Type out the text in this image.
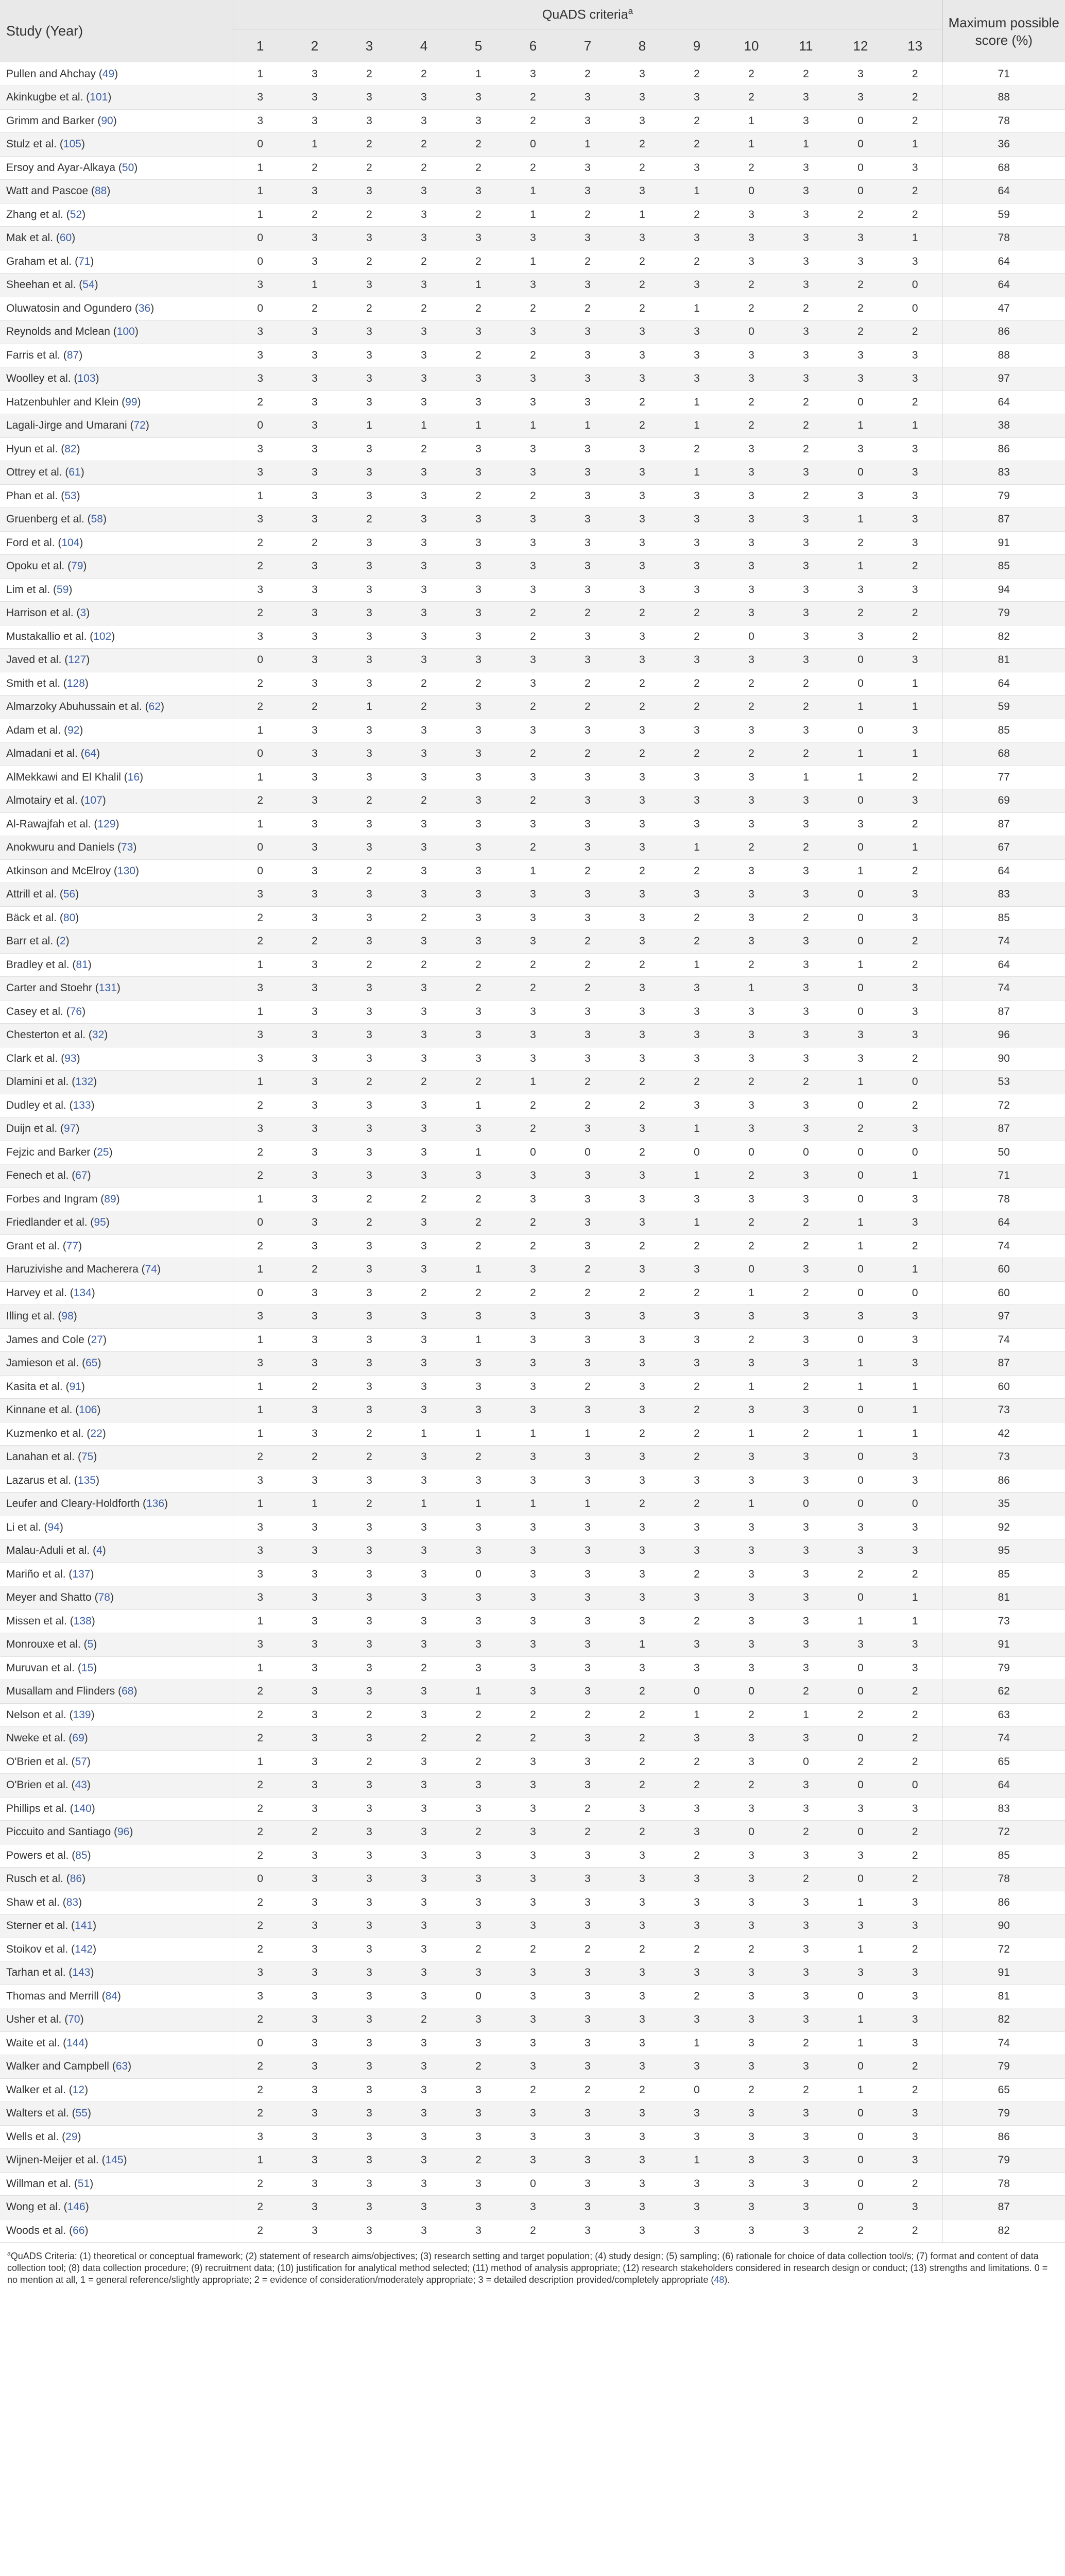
Study (Year)	QuADS criteria$^a$													Maximum possible score (%)
	1	2	3	4	5	6	7	8	9	10	11	12	13	
Pullen and Ahchay (49)	1	3	2	2	1	3	2	3	2	2	2	3	2	71
Akinkugbe et al. (101)	3	3	3	3	3	2	3	3	3	2	3	3	2	88
Grimm and Barker (90)	3	3	3	3	3	2	3	3	2	1	3	0	2	78
Stulz et al. (105)	0	1	2	2	2	0	1	2	2	1	1	0	1	36
Ersoy and Ayar-Alkaya (50)	1	2	2	2	2	2	3	2	3	2	3	0	3	68
Watt and Pascoe (88)	1	3	3	3	3	1	3	3	1	0	3	0	2	64
Zhang et al. (52)	1	2	2	3	2	1	2	1	2	3	3	2	2	59
Mak et al. (60)	0	3	3	3	3	3	3	3	3	3	3	3	1	78
Graham et al. (71)	0	3	2	2	2	1	2	2	2	3	3	3	3	64
Sheehan et al. (54)	3	1	3	3	1	3	3	2	3	2	3	2	0	64
Oluwatosin and Ogundero (36)	0	2	2	2	2	2	2	2	1	2	2	2	0	47
Reynolds and Mclean (100)	3	3	3	3	3	3	3	3	3	0	3	2	2	86
Farris et al. (87)	3	3	3	3	2	2	3	3	3	3	3	3	3	88
Woolley et al. (103)	3	3	3	3	3	3	3	3	3	3	3	3	3	97
Hatzenbuhler and Klein (99)	2	3	3	3	3	3	3	2	1	2	2	0	2	64
Lagali-Jirge and Umarani (72)	0	3	1	1	1	1	1	2	1	2	2	1	1	38
Hyun et al. (82)	3	3	3	2	3	3	3	3	2	3	2	3	3	86
Ottrey et al. (61)	3	3	3	3	3	3	3	3	1	3	3	0	3	83
Phan et al. (53)	1	3	3	3	2	2	3	3	3	3	2	3	3	79
Gruenberg et al. (58)	3	3	2	3	3	3	3	3	3	3	3	1	3	87
Ford et al. (104)	2	2	3	3	3	3	3	3	3	3	3	2	3	91
Opoku et al. (79)	2	3	3	3	3	3	3	3	3	3	3	1	2	85
Lim et al. (59)	3	3	3	3	3	3	3	3	3	3	3	3	3	94
Harrison et al. (3)	2	3	3	3	3	2	2	2	2	3	3	2	2	79
Mustakallio et al. (102)	3	3	3	3	3	2	3	3	2	0	3	3	2	82
Javed et al. (127)	0	3	3	3	3	3	3	3	3	3	3	0	3	81
Smith et al. (128)	2	3	3	2	2	3	2	2	2	2	2	0	1	64
Almarzoky Abuhussain et al. (62)	2	2	1	2	3	2	2	2	2	2	2	1	1	59
Adam et al. (92)	1	3	3	3	3	3	3	3	3	3	3	0	3	85
Almadani et al. (64)	0	3	3	3	3	2	2	2	2	2	2	1	1	68
AlMekkawi and El Khalil (16)	1	3	3	3	3	3	3	3	3	3	1	1	2	77
Almotairy et al. (107)	2	3	2	2	3	2	3	3	3	3	3	0	3	69
Al-Rawajfah et al. (129)	1	3	3	3	3	3	3	3	3	3	3	3	2	87
Anokwuru and Daniels (73)	0	3	3	3	3	2	3	3	1	2	2	0	1	67
Atkinson and McElroy (130)	0	3	2	3	3	1	2	2	2	3	3	1	2	64
Attrill et al. (56)	3	3	3	3	3	3	3	3	3	3	3	0	3	83
Bäck et al. (80)	2	3	3	2	3	3	3	3	2	3	2	0	3	85
Barr et al. (2)	2	2	3	3	3	3	2	3	2	3	3	0	2	74
Bradley et al. (81)	1	3	2	2	2	2	2	2	1	2	3	1	2	64
Carter and Stoehr (131)	3	3	3	3	2	2	2	3	3	1	3	0	3	74
Casey et al. (76)	1	3	3	3	3	3	3	3	3	3	3	0	3	87
Chesterton et al. (32)	3	3	3	3	3	3	3	3	3	3	3	3	3	96
Clark et al. (93)	3	3	3	3	3	3	3	3	3	3	3	3	2	90
Dlamini et al. (132)	1	3	2	2	2	1	2	2	2	2	2	1	0	53
Dudley et al. (133)	2	3	3	3	1	2	2	2	3	3	3	0	2	72
Duijn et al. (97)	3	3	3	3	3	2	3	3	1	3	3	2	3	87
Fejzic and Barker (25)	2	3	3	3	1	0	0	2	0	0	0	0	0	50
Fenech et al. (67)	2	3	3	3	3	3	3	3	1	2	3	0	1	71
Forbes and Ingram (89)	1	3	2	2	2	3	3	3	3	3	3	0	3	78
Friedlander et al. (95)	0	3	2	3	2	2	3	3	1	2	2	1	3	64
Grant et al. (77)	2	3	3	3	2	2	3	2	2	2	2	1	2	74
Haruzivishe and Macherera (74)	1	2	3	3	1	3	2	3	3	0	3	0	1	60
Harvey et al. (134)	0	3	3	2	2	2	2	2	2	1	2	0	0	60
Illing et al. (98)	3	3	3	3	3	3	3	3	3	3	3	3	3	97
James and Cole (27)	1	3	3	3	1	3	3	3	3	2	3	0	3	74
Jamieson et al. (65)	3	3	3	3	3	3	3	3	3	3	3	1	3	87
Kasita et al. (91)	1	2	3	3	3	3	2	3	2	1	2	1	1	60
Kinnane et al. (106)	1	3	3	3	3	3	3	3	2	3	3	0	1	73
Kuzmenko et al. (22)	1	3	2	1	1	1	1	2	2	1	2	1	1	42
Lanahan et al. (75)	2	2	2	3	2	3	3	3	2	3	3	0	3	73
Lazarus et al. (135)	3	3	3	3	3	3	3	3	3	3	3	0	3	86
Leufer and Cleary-Holdforth (136)	1	1	2	1	1	1	1	2	2	1	0	0	0	35
Li et al. (94)	3	3	3	3	3	3	3	3	3	3	3	3	3	92
Malau-Aduli et al. (4)	3	3	3	3	3	3	3	3	3	3	3	3	3	95
Mariño et al. (137)	3	3	3	3	0	3	3	3	2	3	3	2	2	85
Meyer and Shatto (78)	3	3	3	3	3	3	3	3	3	3	3	0	1	81
Missen et al. (138)	1	3	3	3	3	3	3	3	2	3	3	1	1	73
Monrouxe et al. (5)	3	3	3	3	3	3	3	1	3	3	3	3	3	91
Muruvan et al. (15)	1	3	3	2	3	3	3	3	3	3	3	0	3	79
Musallam and Flinders (68)	2	3	3	3	1	3	3	2	0	0	2	0	2	62
Nelson et al. (139)	2	3	2	3	2	2	2	2	1	2	1	2	2	63
Nweke et al. (69)	2	3	3	2	2	2	3	2	3	3	3	0	2	74
O'Brien et al. (57)	1	3	2	3	2	3	3	2	2	3	0	2	2	65
O'Brien et al. (43)	2	3	3	3	3	3	3	2	2	2	3	0	0	64
Phillips et al. (140)	2	3	3	3	3	3	2	3	3	3	3	3	3	83
Piccuito and Santiago (96)	2	2	3	3	2	3	2	2	3	0	2	0	2	72
Powers et al. (85)	2	3	3	3	3	3	3	3	2	3	3	3	2	85
Rusch et al. (86)	0	3	3	3	3	3	3	3	3	3	2	0	2	78
Shaw et al. (83)	2	3	3	3	3	3	3	3	3	3	3	1	3	86
Sterner et al. (141)	2	3	3	3	3	3	3	3	3	3	3	3	3	90
Stoikov et al. (142)	2	3	3	3	2	2	2	2	2	2	3	1	2	72
Tarhan et al. (143)	3	3	3	3	3	3	3	3	3	3	3	3	3	91
Thomas and Merrill (84)	3	3	3	3	0	3	3	3	2	3	3	0	3	81
Usher et al. (70)	2	3	3	2	3	3	3	3	3	3	3	1	3	82
Waite et al. (144)	0	3	3	3	3	3	3	3	1	3	2	1	3	74
Walker and Campbell (63)	2	3	3	3	2	3	3	3	3	3	3	0	2	79
Walker et al. (12)	2	3	3	3	3	2	2	2	0	2	2	1	2	65
Walters et al. (55)	2	3	3	3	3	3	3	3	3	3	3	0	3	79
Wells et al. (29)	3	3	3	3	3	3	3	3	3	3	3	0	3	86
Wijnen-Meijer et al. (145)	1	3	3	3	2	3	3	3	1	3	3	0	3	79
Willman et al. (51)	2	3	3	3	3	0	3	3	3	3	3	0	2	78
Wong et al. (146)	2	3	3	3	3	3	3	3	3	3	3	0	3	87
Woods et al. (66)	2	3	3	3	3	2	3	3	3	3	3	2	2	82
$^a$QuADS Criteria: (1) theoretical or conceptual framework; (2) statement of research aims/objectives; (3) research setting and target population; (4) study design; (5) sampling; (6) rationale for choice of data collection tool/s; (7) format and content of data collection tool; (8) data collection procedure; (9) recruitment data; (10) justification for analytical method selected; (11) method of analysis appropriate; (12) research stakeholders considered in research design or conduct; (13) strengths and limitations. 0 = no mention at all, 1 = general reference/slightly appropriate; 2 = evidence of consideration/moderately appropriate; 3 = detailed description provided/completely appropriate (48).
